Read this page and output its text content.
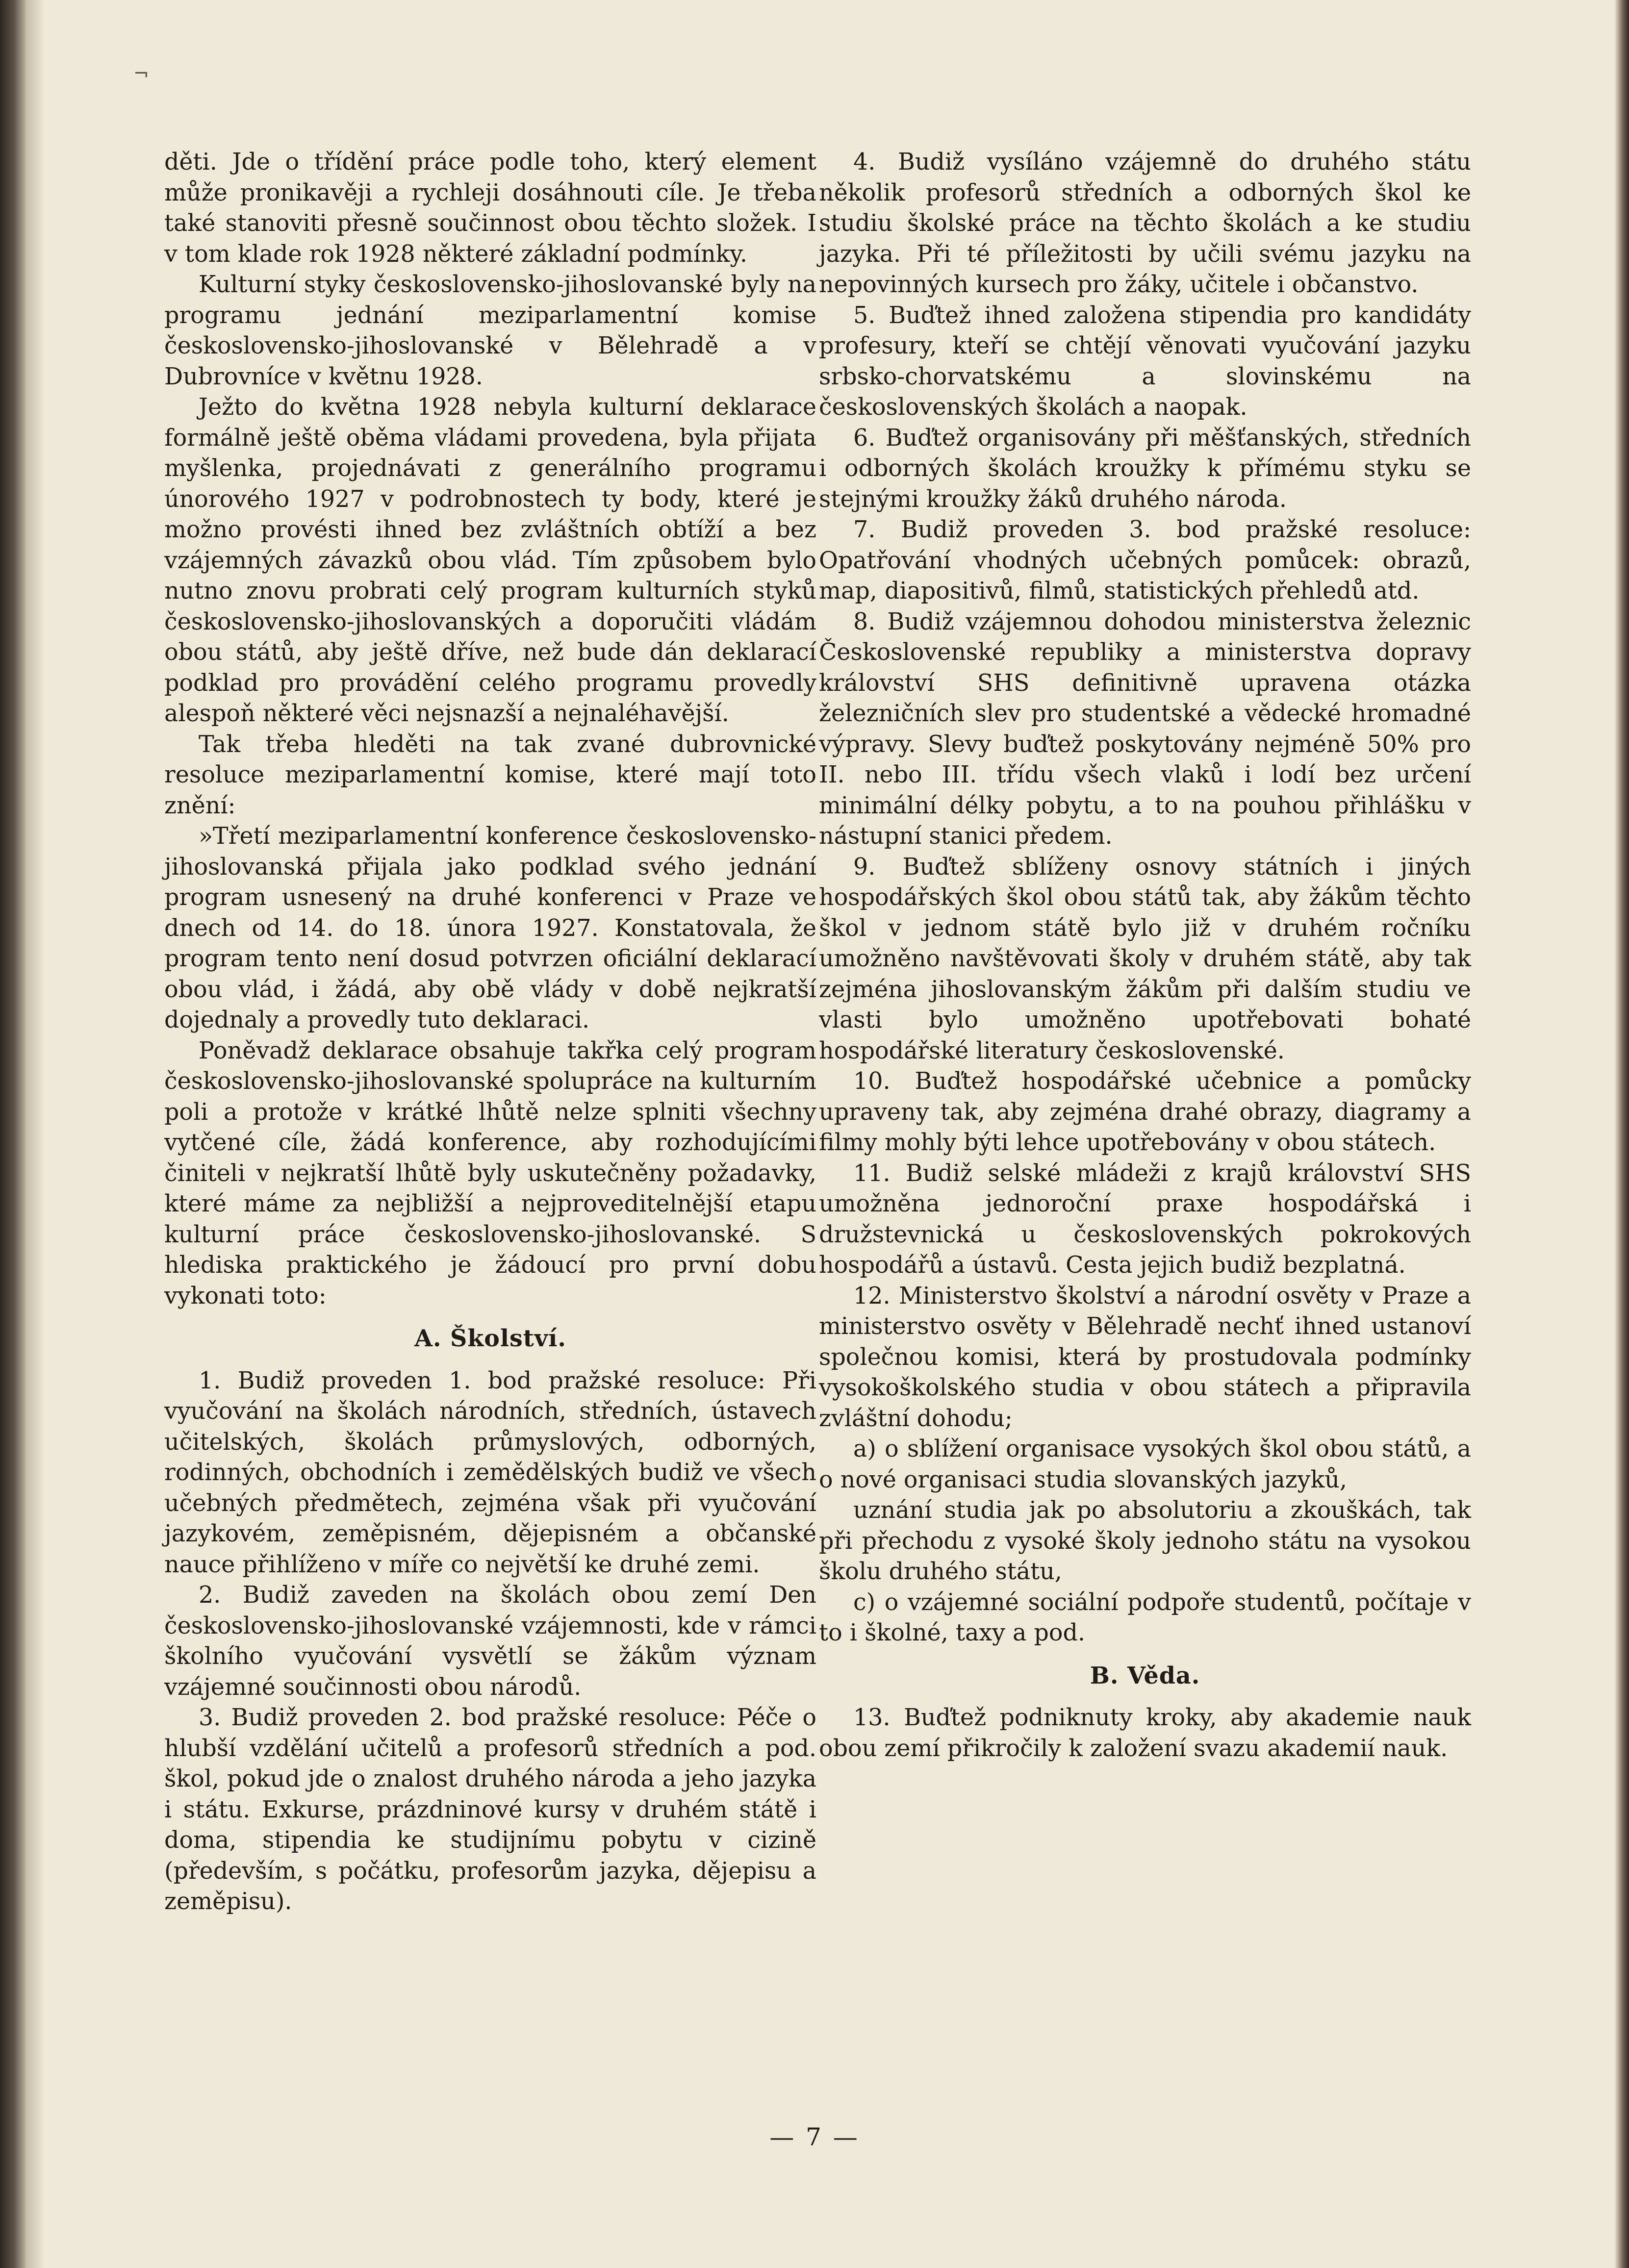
¬

děti. Jde o třídění práce podle toho, který element může pronikavěji a rychleji dosáhnouti cíle. Je třeba také stanoviti přesně součinnost obou těchto složek. I v tom klade rok 1928 některé základní podmínky.

Kulturní styky československo-jihoslovanské byly na programu jednání meziparlamentní komise československo-jihoslovanské v Bělehradě a v Dubrovníce v květnu 1928.

Ježto do května 1928 nebyla kulturní deklarace formálně ještě oběma vládami provedena, byla přijata myšlenka, projednávati z generálního programu únorového 1927 v podrobnostech ty body, které je možno provésti ihned bez zvláštních obtíží a bez vzájemných závazků obou vlád. Tím způsobem bylo nutno znovu probrati celý program kulturních styků československo-jihoslovanských a doporučiti vládám obou států, aby ještě dříve, než bude dán deklarací podklad pro provádění celého programu provedly alespoň některé věci nejsnazší a nejnaléhavější.

Tak třeba hleděti na tak zvané dubrovnické resoluce meziparlamentní komise, které mají toto znění:

»Třetí meziparlamentní konference československo-jihoslovanská přijala jako podklad svého jednání program usnesený na druhé konferenci v Praze ve dnech od 14. do 18. února 1927. Konstatovala, že program tento není dosud potvrzen oficiální deklarací obou vlád, i žádá, aby obě vlády v době nejkratší dojednaly a provedly tuto deklaraci.

Poněvadž deklarace obsahuje takřka celý program československo-jihoslovanské spolupráce na kulturním poli a protože v krátké lhůtě nelze splniti všechny vytčené cíle, žádá konference, aby rozhodujícími činiteli v nejkratší lhůtě byly uskutečněny požadavky, které máme za nejbližší a nejproveditelnější etapu kulturní práce československo-jihoslovanské. S hlediska praktického je žádoucí pro první dobu vykonati toto:

A. Školství.

1. Budiž proveden 1. bod pražské resoluce: Při vyučování na školách národních, středních, ústavech učitelských, školách průmyslových, odborných, rodinných, obchodních i zemědělských budiž ve všech učebných předmětech, zejména však při vyučování jazykovém, zeměpisném, dějepisném a občanské nauce přihlíženo v míře co největší ke druhé zemi.

2. Budiž zaveden na školách obou zemí Den československo-jihoslovanské vzájemnosti, kde v rámci školního vyučování vysvětlí se žákům význam vzájemné součinnosti obou národů.

3. Budiž proveden 2. bod pražské resoluce: Péče o hlubší vzdělání učitelů a profesorů středních a pod. škol, pokud jde o znalost druhého národa a jeho jazyka i státu. Exkurse, prázdninové kursy v druhém státě i doma, stipendia ke studijnímu pobytu v cizině (především, s počátku, profesorům jazyka, dějepisu a zeměpisu).

4. Budiž vysíláno vzájemně do druhého státu několik profesorů středních a odborných škol ke studiu školské práce na těchto školách a ke studiu jazyka. Při té příležitosti by učili svému jazyku na nepovinných kursech pro žáky, učitele i občanstvo.

5. Buďtež ihned založena stipendia pro kandidáty profesury, kteří se chtějí věnovati vyučování jazyku srbsko-chorvatskému a slovinskému na československých školách a naopak.

6. Buďtež organisovány při měšťanských, středních i odborných školách kroužky k přímému styku se stejnými kroužky žáků druhého národa.

7. Budiž proveden 3. bod pražské resoluce: Opatřování vhodných učebných pomůcek: obrazů, map, diapositivů, filmů, statistických přehledů atd.

8. Budiž vzájemnou dohodou ministerstva železnic Československé republiky a ministerstva dopravy království SHS definitivně upravena otázka železničních slev pro studentské a vědecké hromadné výpravy. Slevy buďtež poskytovány nejméně 50% pro II. nebo III. třídu všech vlaků i lodí bez určení minimální délky pobytu, a to na pouhou přihlášku v nástupní stanici předem.

9. Buďtež sblíženy osnovy státních i jiných hospodářských škol obou států tak, aby žákům těchto škol v jednom státě bylo již v druhém ročníku umožněno navštěvovati školy v druhém státě, aby tak zejména jihoslovanským žákům při dalším studiu ve vlasti bylo umožněno upotřebovati bohaté hospodářské literatury československé.

10. Buďtež hospodářské učebnice a pomůcky upraveny tak, aby zejména drahé obrazy, diagramy a filmy mohly býti lehce upotřebovány v obou státech.

11. Budiž selské mládeži z krajů království SHS umožněna jednoroční praxe hospodářská i družstevnická u československých pokrokových hospodářů a ústavů. Cesta jejich budiž bezplatná.

12. Ministerstvo školství a národní osvěty v Praze a ministerstvo osvěty v Bělehradě nechť ihned ustanoví společnou komisi, která by prostudovala podmínky vysokoškolského studia v obou státech a připravila zvláštní dohodu;

a) o sblížení organisace vysokých škol obou států, a o nové organisaci studia slovanských jazyků,

uznání studia jak po absolutoriu a zkouškách, tak při přechodu z vysoké školy jednoho státu na vysokou školu druhého státu,

c) o vzájemné sociální podpoře studentů, počítaje v to i školné, taxy a pod.

B. Věda.

13. Buďtež podniknuty kroky, aby akademie nauk obou zemí přikročily k založení svazu akademií nauk.

— 7 —
